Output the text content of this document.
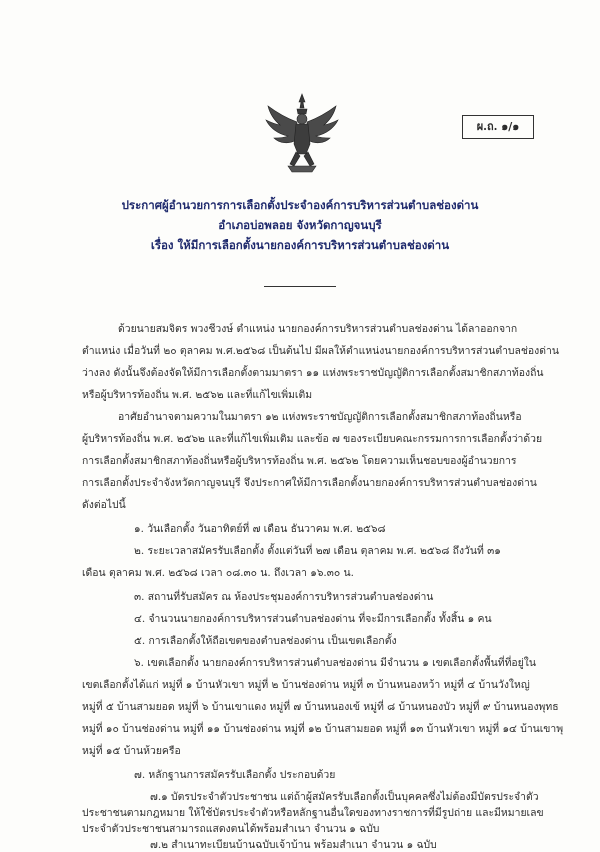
ผ.ถ. ๑/๑
ประกาศผู้อำนวยการการเลือกตั้งประจำองค์การบริหารส่วนตำบลช่องด่าน
อำเภอบ่อพลอย จังหวัดกาญจนบุรี
เรื่อง ให้มีการเลือกตั้งนายกองค์การบริหารส่วนตำบลช่องด่าน
ด้วยนายสมจิตร พวงชีวงษ์ ตำแหน่ง นายกองค์การบริหารส่วนตำบลช่องด่าน ได้ลาออกจาก
ตำแหน่ง เมื่อวันที่ ๒๐ ตุลาคม พ.ศ.๒๕๖๘ เป็นต้นไป มีผลให้ตำแหน่งนายกองค์การบริหารส่วนตำบลช่องด่าน
ว่างลง ดังนั้นจึงต้องจัดให้มีการเลือกตั้งตามมาตรา ๑๑ แห่งพระราชบัญญัติการเลือกตั้งสมาชิกสภาท้องถิ่น
หรือผู้บริหารท้องถิ่น พ.ศ. ๒๕๖๒ และที่แก้ไขเพิ่มเติม
อาศัยอำนาจตามความในมาตรา ๑๒ แห่งพระราชบัญญัติการเลือกตั้งสมาชิกสภาท้องถิ่นหรือ
ผู้บริหารท้องถิ่น พ.ศ. ๒๕๖๒ และที่แก้ไขเพิ่มเติม และข้อ ๗ ของระเบียบคณะกรรมการการเลือกตั้งว่าด้วย
การเลือกตั้งสมาชิกสภาท้องถิ่นหรือผู้บริหารท้องถิ่น พ.ศ. ๒๕๖๒ โดยความเห็นชอบของผู้อำนวยการ
การเลือกตั้งประจำจังหวัดกาญจนบุรี จึงประกาศให้มีการเลือกตั้งนายกองค์การบริหารส่วนตำบลช่องด่าน
ดังต่อไปนี้
๑. วันเลือกตั้ง วันอาทิตย์ที่ ๗ เดือน ธันวาคม พ.ศ. ๒๕๖๘
๒. ระยะเวลาสมัครรับเลือกตั้ง ตั้งแต่วันที่ ๒๗ เดือน ตุลาคม พ.ศ. ๒๕๖๘ ถึงวันที่ ๓๑
เดือน ตุลาคม พ.ศ. ๒๕๖๘ เวลา ๐๘.๓๐ น. ถึงเวลา ๑๖.๓๐ น.
๓. สถานที่รับสมัคร ณ ห้องประชุมองค์การบริหารส่วนตำบลช่องด่าน
๔. จำนวนนายกองค์การบริหารส่วนตำบลช่องด่าน ที่จะมีการเลือกตั้ง ทั้งสิ้น ๑ คน
๕. การเลือกตั้งให้ถือเขตของตำบลช่องด่าน เป็นเขตเลือกตั้ง
๖. เขตเลือกตั้ง นายกองค์การบริหารส่วนตำบลช่องด่าน มีจำนวน ๑ เขตเลือกตั้งพื้นที่ที่อยู่ใน
เขตเลือกตั้งได้แก่ หมู่ที่ ๑ บ้านหัวเขา หมู่ที่ ๒ บ้านช่องด่าน หมู่ที่ ๓ บ้านหนองหว้า หมู่ที่ ๔ บ้านวังใหญ่
หมู่ที่ ๕ บ้านสามยอด หมู่ที่ ๖ บ้านเขาแดง หมู่ที่ ๗ บ้านหนองเข้ หมู่ที่ ๘ บ้านหนองบัว หมู่ที่ ๙ บ้านหนองพุทธ
หมู่ที่ ๑๐ บ้านช่องด่าน หมู่ที่ ๑๑ บ้านช่องด่าน หมู่ที่ ๑๒ บ้านสามยอด หมู่ที่ ๑๓ บ้านหัวเขา หมู่ที่ ๑๔ บ้านเขาพุ
หมู่ที่ ๑๕ บ้านห้วยครือ
๗. หลักฐานการสมัครรับเลือกตั้ง ประกอบด้วย
๗.๑ บัตรประจำตัวประชาชน แต่ถ้าผู้สมัครรับเลือกตั้งเป็นบุคคลซึ่งไม่ต้องมีบัตรประจำตัว
ประชาชนตามกฎหมาย ให้ใช้บัตรประจำตัวหรือหลักฐานอื่นใดของทางราชการที่มีรูปถ่าย และมีหมายเลข
ประจำตัวประชาชนสามารถแสดงตนได้พร้อมสำเนา จำนวน ๑ ฉบับ
๗.๒ สำเนาทะเบียนบ้านฉบับเจ้าบ้าน พร้อมสำเนา จำนวน ๑ ฉบับ
